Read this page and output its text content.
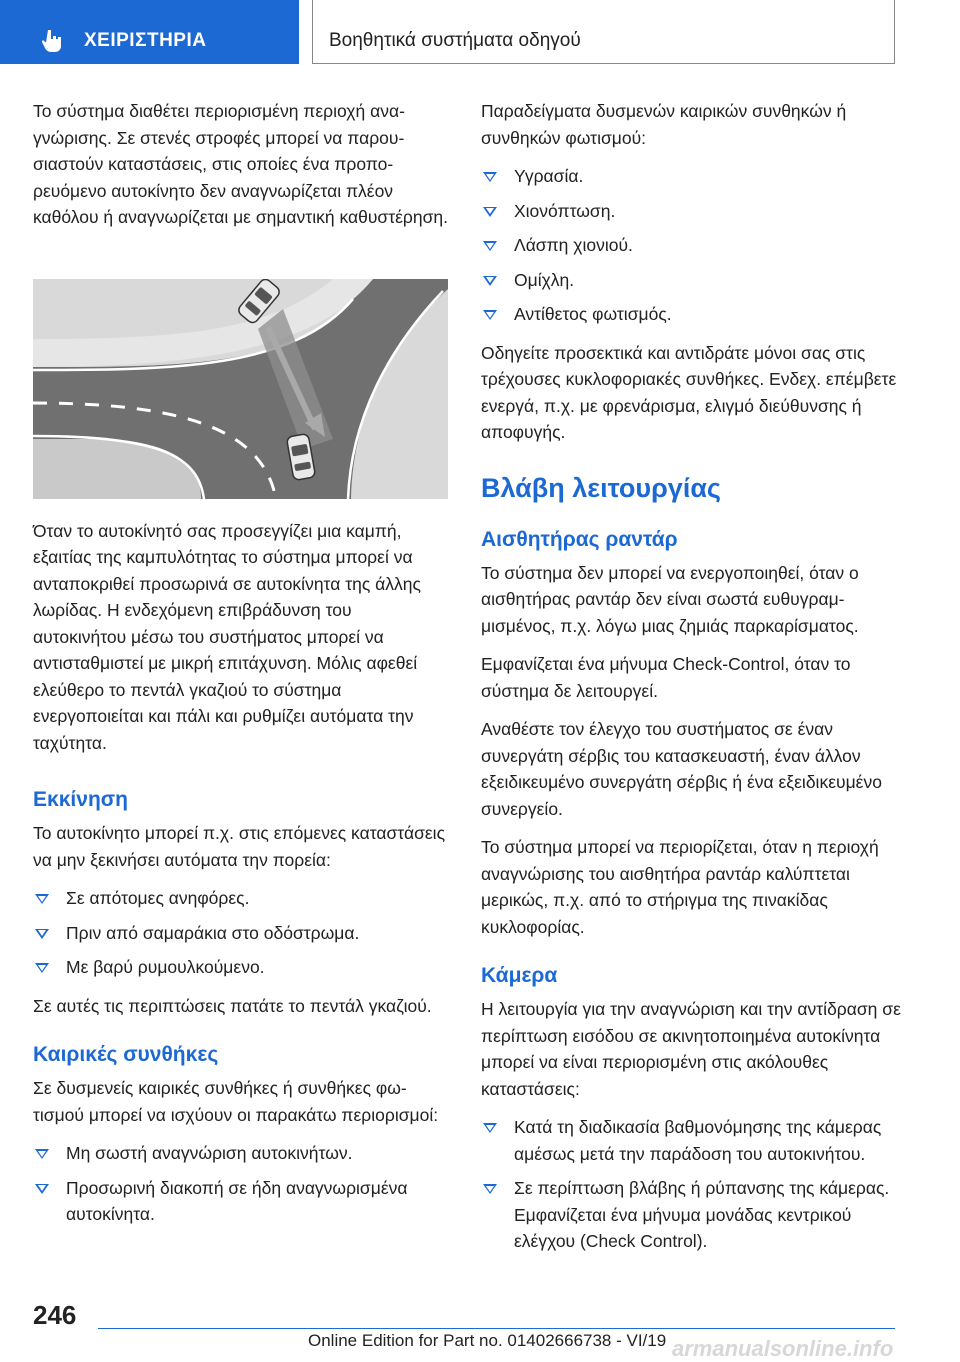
ΧΕΙΡΙΣΤΗΡΙΑ	Βοηθητικά συστήματα οδηγού

Το σύστημα διαθέτει περιορισμένη περιοχή αναγνώρισης. Σε στενές στροφές μπορεί να παρουσιαστούν καταστάσεις, στις οποίες ένα προπορευόμενο αυτοκίνητο δεν αναγνωρίζεται πλέον καθόλου ή αναγνωρίζεται με σημαντική καθυστέρηση.

Όταν το αυτοκίνητό σας προσεγγίζει μια καμπή, εξαιτίας της καμπυλότητας το σύστημα μπορεί να ανταποκριθεί προσωρινά σε αυτοκίνητα της άλλης λωρίδας. Η ενδεχόμενη επιβράδυνση του αυτοκινήτου μέσω του συστήματος μπορεί να αντισταθμιστεί με μικρή επιτάχυνση. Μόλις αφεθεί ελεύθερο το πεντάλ γκαζιού το σύστημα ενεργοποιείται και πάλι και ρυθμίζει αυτόματα την ταχύτητα.

Εκκίνηση

Το αυτοκίνητο μπορεί π.χ. στις επόμενες καταστάσεις να μην ξεκινήσει αυτόματα την πορεία:

Σε απότομες ανηφόρες.
Πριν από σαμαράκια στο οδόστρωμα.
Με βαρύ ρυμουλκούμενο.

Σε αυτές τις περιπτώσεις πατάτε το πεντάλ γκαζιού.

Καιρικές συνθήκες

Σε δυσμενείς καιρικές συνθήκες ή συνθήκες φωτισμού μπορεί να ισχύουν οι παρακάτω περιορισμοί:

Μη σωστή αναγνώριση αυτοκινήτων.
Προσωρινή διακοπή σε ήδη αναγνωρισμένα αυτοκίνητα.

Παραδείγματα δυσμενών καιρικών συνθηκών ή συνθηκών φωτισμού:

Υγρασία.
Χιονόπτωση.
Λάσπη χιονιού.
Ομίχλη.
Αντίθετος φωτισμός.

Οδηγείτε προσεκτικά και αντιδράτε μόνοι σας στις τρέχουσες κυκλοφοριακές συνθήκες. Ενδεχ. επέμβετε ενεργά, π.χ. με φρενάρισμα, ελιγμό διεύθυνσης ή αποφυγής.

Βλάβη λειτουργίας
Αισθητήρας ραντάρ

Το σύστημα δεν μπορεί να ενεργοποιηθεί, όταν ο αισθητήρας ραντάρ δεν είναι σωστά ευθυγραμμισμένος, π.χ. λόγω μιας ζημιάς παρκαρίσματος.

Εμφανίζεται ένα μήνυμα Check-Control, όταν το σύστημα δε λειτουργεί.

Αναθέστε τον έλεγχο του συστήματος σε έναν συνεργάτη σέρβις του κατασκευαστή, έναν άλλον εξειδικευμένο συνεργάτη σέρβις ή ένα εξειδικευμένο συνεργείο.

Το σύστημα μπορεί να περιορίζεται, όταν η περιοχή αναγνώρισης του αισθητήρα ραντάρ καλύπτεται μερικώς, π.χ. από το στήριγμα της πινακίδας κυκλοφορίας.

Κάμερα

Η λειτουργία για την αναγνώριση και την αντίδραση σε περίπτωση εισόδου σε ακινητοποιημένα αυτοκίνητα μπορεί να είναι περιορισμένη στις ακόλουθες καταστάσεις:

Κατά τη διαδικασία βαθμονόμησης της κάμερας αμέσως μετά την παράδοση του αυτοκινήτου.
Σε περίπτωση βλάβης ή ρύπανσης της κάμερας. Εμφανίζεται ένα μήνυμα μονάδας κεντρικού ελέγχου (Check Control).
246
Online Edition for Part no. 01402666738 - VI/19 armanualsonline.info
